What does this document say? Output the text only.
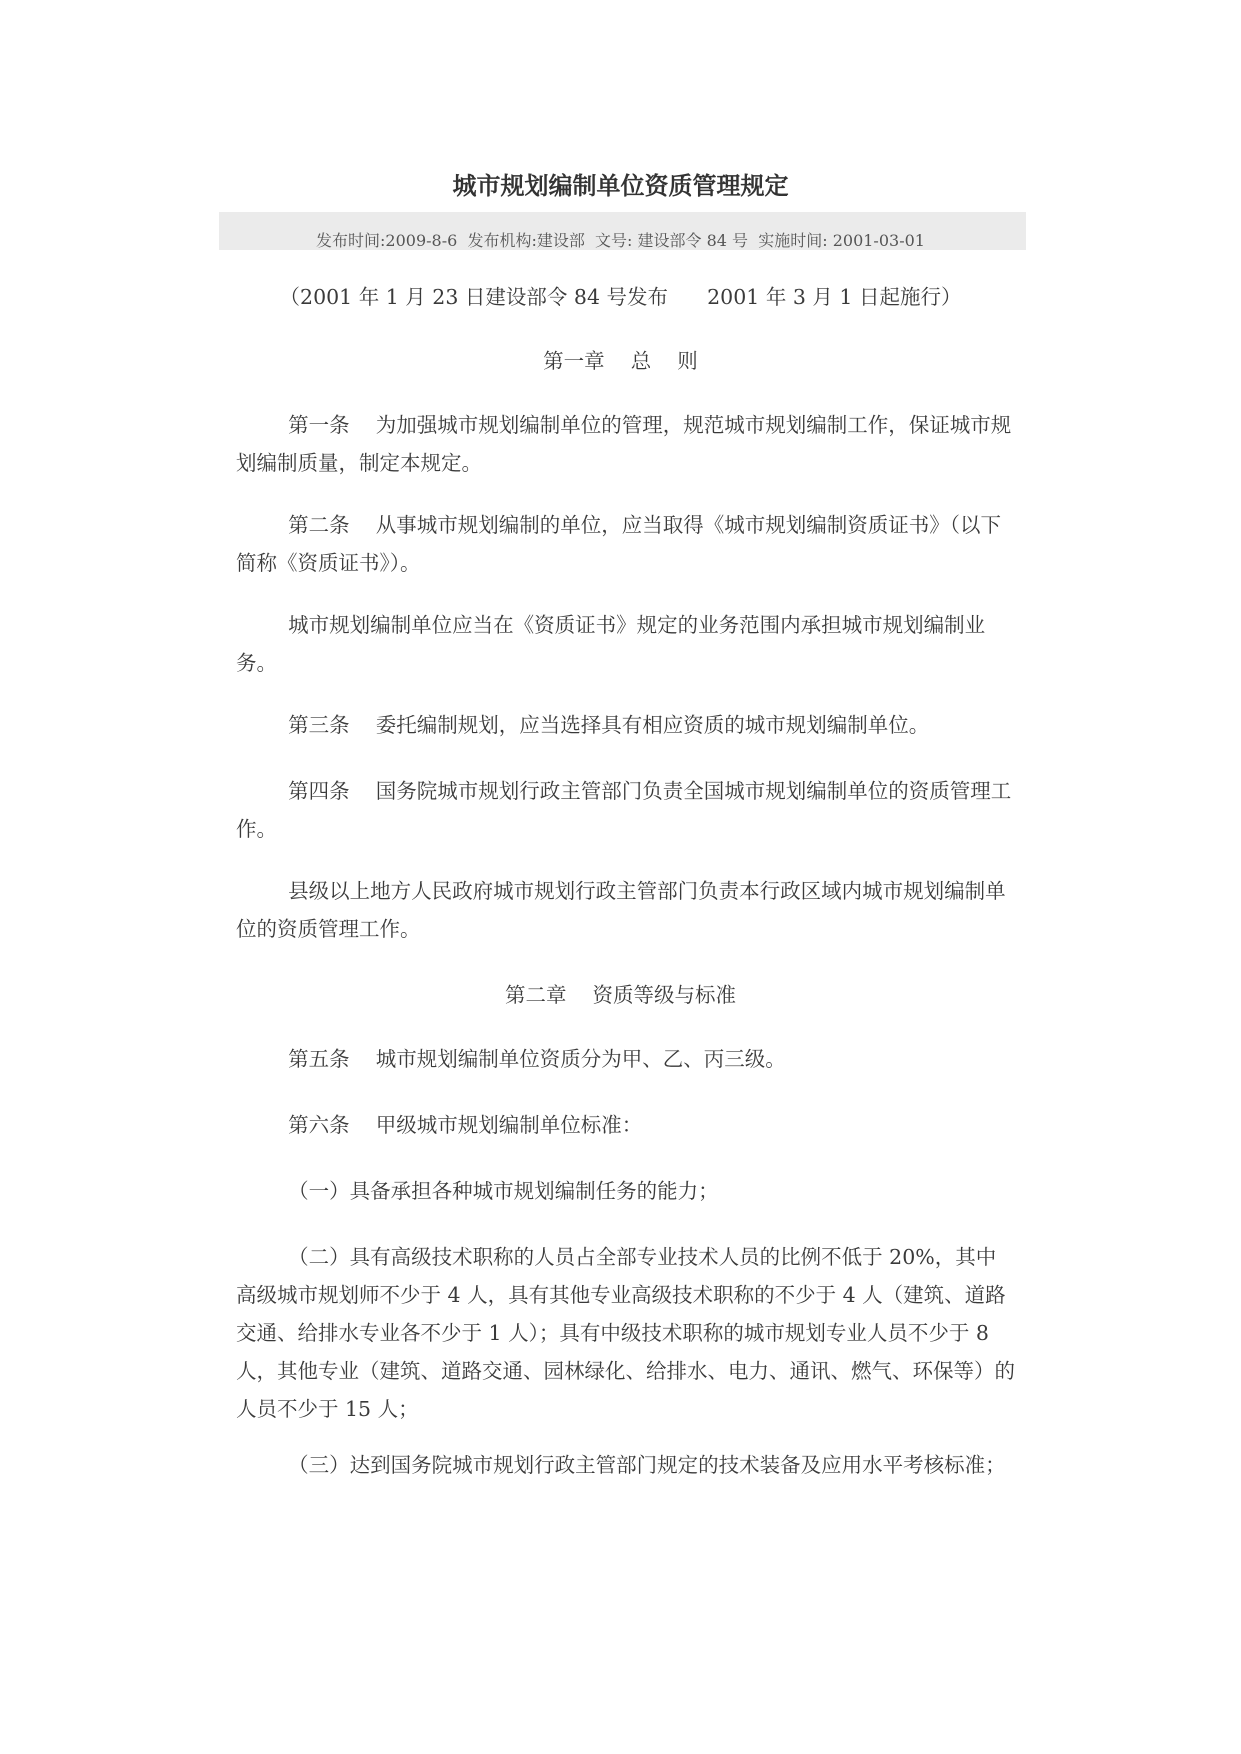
城市规划编制单位资质管理规定
发布时间:2009-8-6  发布机构:建设部  文号: 建设部令 84 号  实施时间: 2001-03-01
（2001 年 1 月 23 日建设部令 84 号发布      2001 年 3 月 1 日起施行）
第一章    总    则
第一条    为加强城市规划编制单位的管理，规范城市规划编制工作，保证城市规划编制质量，制定本规定。
第二条    从事城市规划编制的单位，应当取得《城市规划编制资质证书》（以下简称《资质证书》）。
城市规划编制单位应当在《资质证书》规定的业务范围内承担城市规划编制业务。
第三条    委托编制规划，应当选择具有相应资质的城市规划编制单位。
第四条    国务院城市规划行政主管部门负责全国城市规划编制单位的资质管理工作。
县级以上地方人民政府城市规划行政主管部门负责本行政区域内城市规划编制单位的资质管理工作。
第二章    资质等级与标准
第五条    城市规划编制单位资质分为甲、乙、丙三级。
第六条    甲级城市规划编制单位标准：
（一）具备承担各种城市规划编制任务的能力；
（二）具有高级技术职称的人员占全部专业技术人员的比例不低于 20%，其中高级城市规划师不少于 4 人，具有其他专业高级技术职称的不少于 4 人（建筑、道路交通、给排水专业各不少于 1 人）；具有中级技术职称的城市规划专业人员不少于 8 人，其他专业（建筑、道路交通、园林绿化、给排水、电力、通讯、燃气、环保等）的人员不少于 15 人；
（三）达到国务院城市规划行政主管部门规定的技术装备及应用水平考核标准；
